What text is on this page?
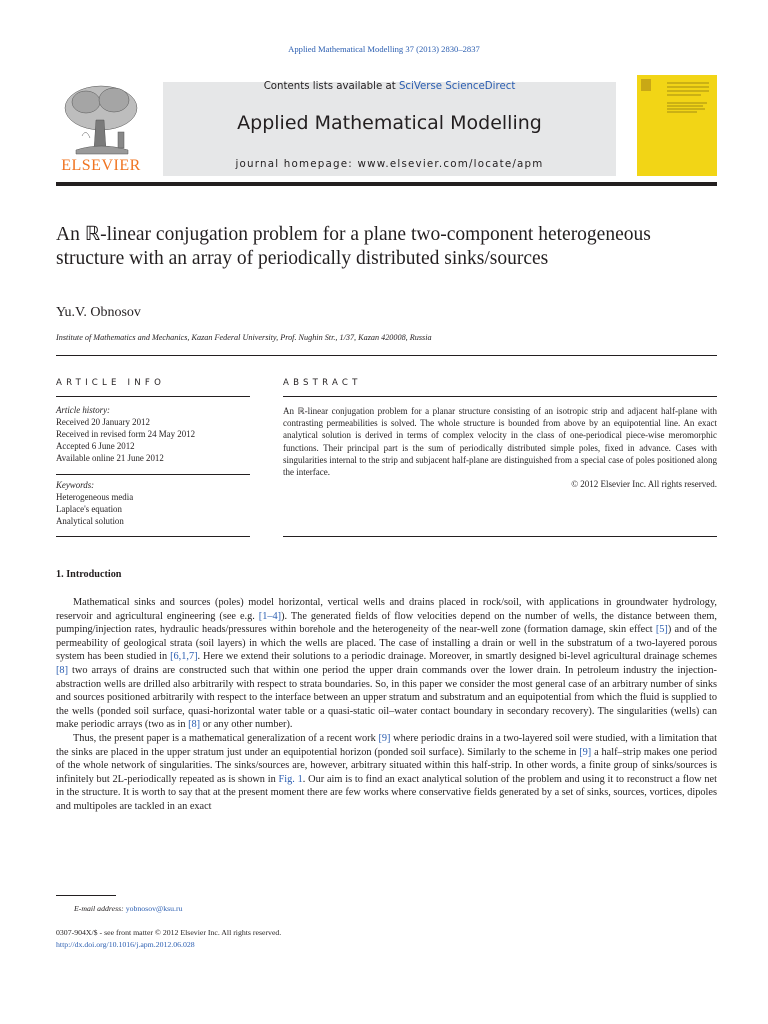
Applied Mathematical Modelling 37 (2013) 2830–2837
ELSEVIER
Contents lists available at SciVerse ScienceDirect
Applied Mathematical Modelling
journal homepage: www.elsevier.com/locate/apm
An ℝ-linear conjugation problem for a plane two-component heterogeneous structure with an array of periodically distributed sinks/sources
Yu.V. Obnosov
Institute of Mathematics and Mechanics, Kazan Federal University, Prof. Nughin Str., 1/37, Kazan 420008, Russia
ARTICLE INFO
Article history:
Received 20 January 2012
Received in revised form 24 May 2012
Accepted 6 June 2012
Available online 21 June 2012
Keywords:
Heterogeneous media
Laplace's equation
Analytical solution
ABSTRACT
An ℝ-linear conjugation problem for a planar structure consisting of an isotropic strip and adjacent half-plane with contrasting permeabilities is solved. The whole structure is bounded from above by an equipotential line. An exact analytical solution is derived in terms of complex velocity in the class of one-periodical piece-wise meromorphic functions. Their principal part is the sum of periodically distributed simple poles, fixed in advance. Cases with singularities internal to the strip and subjacent half-plane are distinguished from a special case of poles positioned along the interface.
© 2012 Elsevier Inc. All rights reserved.
1. Introduction

Mathematical sinks and sources (poles) model horizontal, vertical wells and drains placed in rock/soil, with applications in groundwater hydrology, reservoir and agricultural engineering (see e.g. [1–4]). The generated fields of flow velocities depend on the number of wells, the distance between them, pumping/injection rates, hydraulic heads/pressures within borehole and the heterogeneity of the near-well zone (formation damage, skin effect [5]) and of the permeability of geological strata (soil layers) in which the wells are placed. The case of installing a drain or well in the substratum of a two-layered porous system has been studied in [6,1,7]. Here we extend their solutions to a periodic drainage. Moreover, in smartly designed bi-level agricultural drainage schemes [8] two arrays of drains are constructed such that within one period the upper drain commands over the lower drain. In petroleum industry the injection-abstraction wells are drilled also arbitrarily with respect to strata boundaries. So, in this paper we consider the most general case of an arbitrary number of sinks and sources positioned arbitrarily with respect to the interface between an upper stratum and substratum and an equipotential from which the fluid is supplied to the wells (ponded soil surface, quasi-horizontal water table or a quasi-static oil–water contact boundary in secondary recovery). The singularities (wells) can make periodic arrays (two as in [8] or any other number).

Thus, the present paper is a mathematical generalization of a recent work [9] where periodic drains in a two-layered soil were studied, with a limitation that the sinks are placed in the upper stratum just under an equipotential horizon (ponded soil surface). Similarly to the scheme in [9] a half–strip makes one period of the whole network of singularities. The sinks/sources are, however, arbitrary situated within this half-strip. In other words, a finite group of sinks/sources is infinitely but 2L-periodically repeated as is shown in Fig. 1. Our aim is to find an exact analytical solution of the problem and using it to reconstruct a flow net in the structure. It is worth to say that at the present moment there are few works where conservative fields generated by a set of sinks, sources, vortices, dipoles and multipoles are tackled in an exact

E-mail address: yobnosov@ksu.ru
0307-904X/$ - see front matter © 2012 Elsevier Inc. All rights reserved.
http://dx.doi.org/10.1016/j.apm.2012.06.028
